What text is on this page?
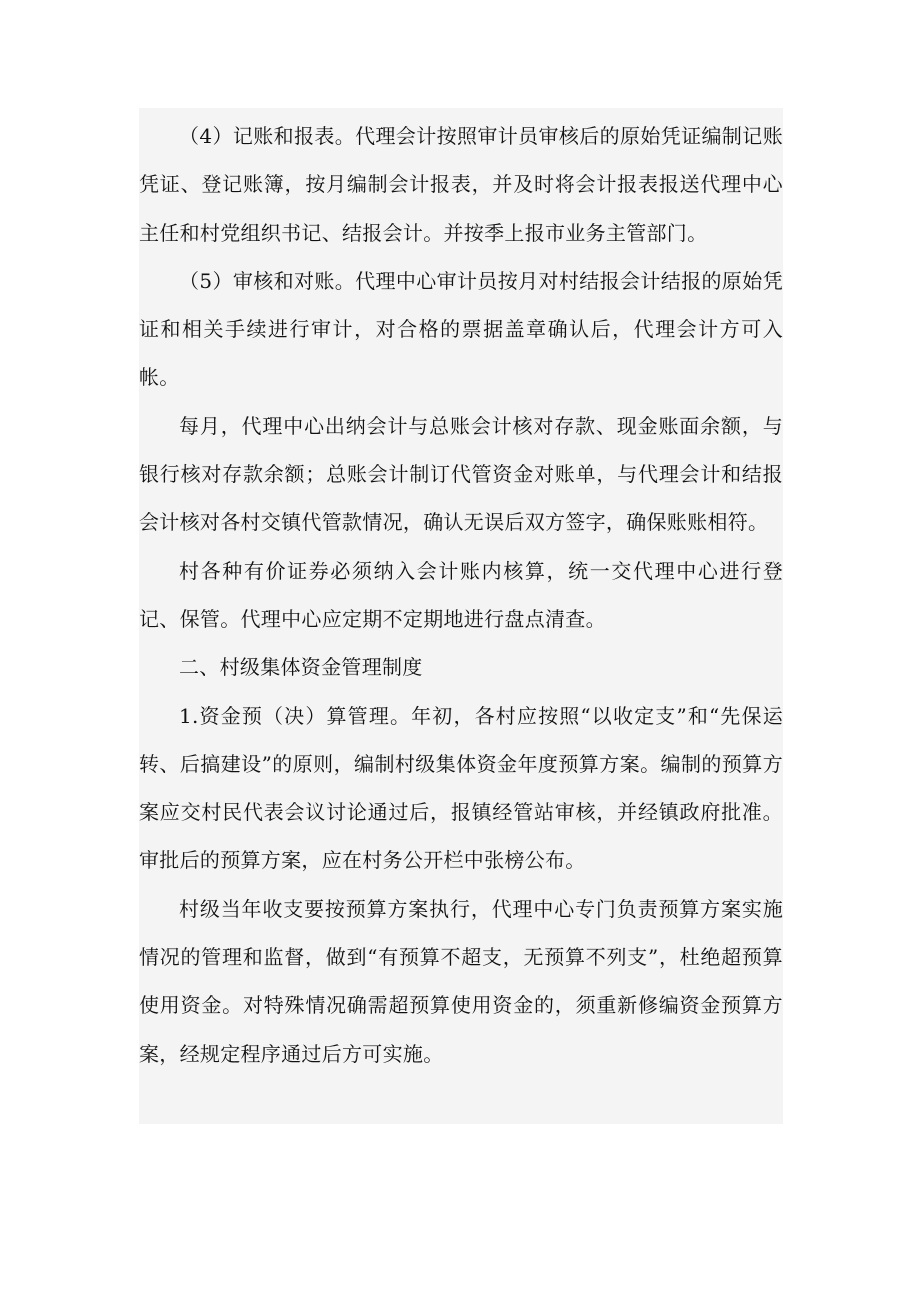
（4）记账和报表。代理会计按照审计员审核后的原始凭证编制记账凭证、登记账簿，按月编制会计报表，并及时将会计报表报送代理中心主任和村党组织书记、结报会计。并按季上报市业务主管部门。

（5）审核和对账。代理中心审计员按月对村结报会计结报的原始凭证和相关手续进行审计，对合格的票据盖章确认后，代理会计方可入帐。

每月，代理中心出纳会计与总账会计核对存款、现金账面余额，与银行核对存款余额；总账会计制订代管资金对账单，与代理会计和结报会计核对各村交镇代管款情况，确认无误后双方签字，确保账账相符。

村各种有价证券必须纳入会计账内核算，统一交代理中心进行登记、保管。代理中心应定期不定期地进行盘点清查。

二、村级集体资金管理制度

1.资金预（决）算管理。年初，各村应按照“以收定支”和“先保运转、后搞建设”的原则，编制村级集体资金年度预算方案。编制的预算方案应交村民代表会议讨论通过后，报镇经管站审核，并经镇政府批准。审批后的预算方案，应在村务公开栏中张榜公布。

村级当年收支要按预算方案执行，代理中心专门负责预算方案实施情况的管理和监督，做到“有预算不超支，无预算不列支”，杜绝超预算使用资金。对特殊情况确需超预算使用资金的，须重新修编资金预算方案，经规定程序通过后方可实施。
